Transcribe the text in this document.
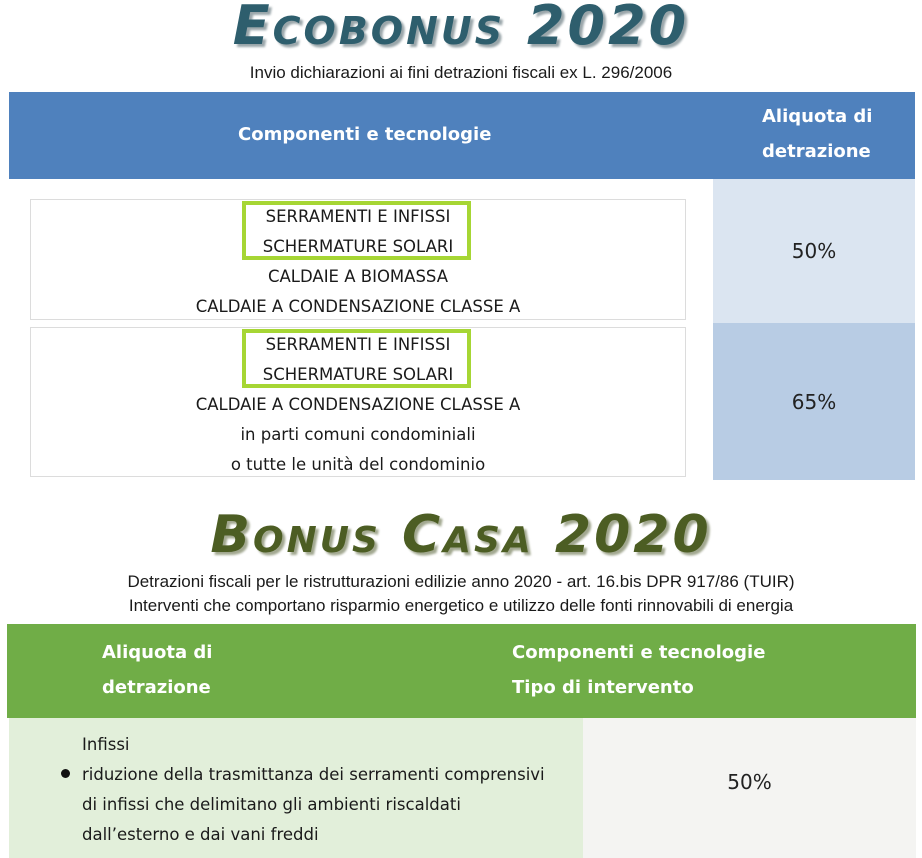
Ecobonus 2020
Invio dichiarazioni ai fini detrazioni fiscali ex L. 296/2006
Componenti e tecnologie
Aliquota di
detrazione
SERRAMENTI E INFISSI
SCHERMATURE SOLARI
CALDAIE A BIOMASSA
CALDAIE A CONDENSAZIONE CLASSE A
50%
SERRAMENTI E INFISSI
SCHERMATURE SOLARI
CALDAIE A CONDENSAZIONE CLASSE A
in parti comuni condominiali
o tutte le unità del condominio
65%
Bonus Casa 2020
Detrazioni fiscali per le ristrutturazioni edilizie anno 2020 - art. 16.bis DPR 917/86 (TUIR)
Interventi che comportano risparmio energetico e utilizzo delle fonti rinnovabili di energia
Aliquota di
detrazione
Componenti e tecnologie
Tipo di intervento
Infissi
riduzione della trasmittanza dei serramenti comprensivi
di infissi che delimitano gli ambienti riscaldati
dall’esterno e dai vani freddi
50%
